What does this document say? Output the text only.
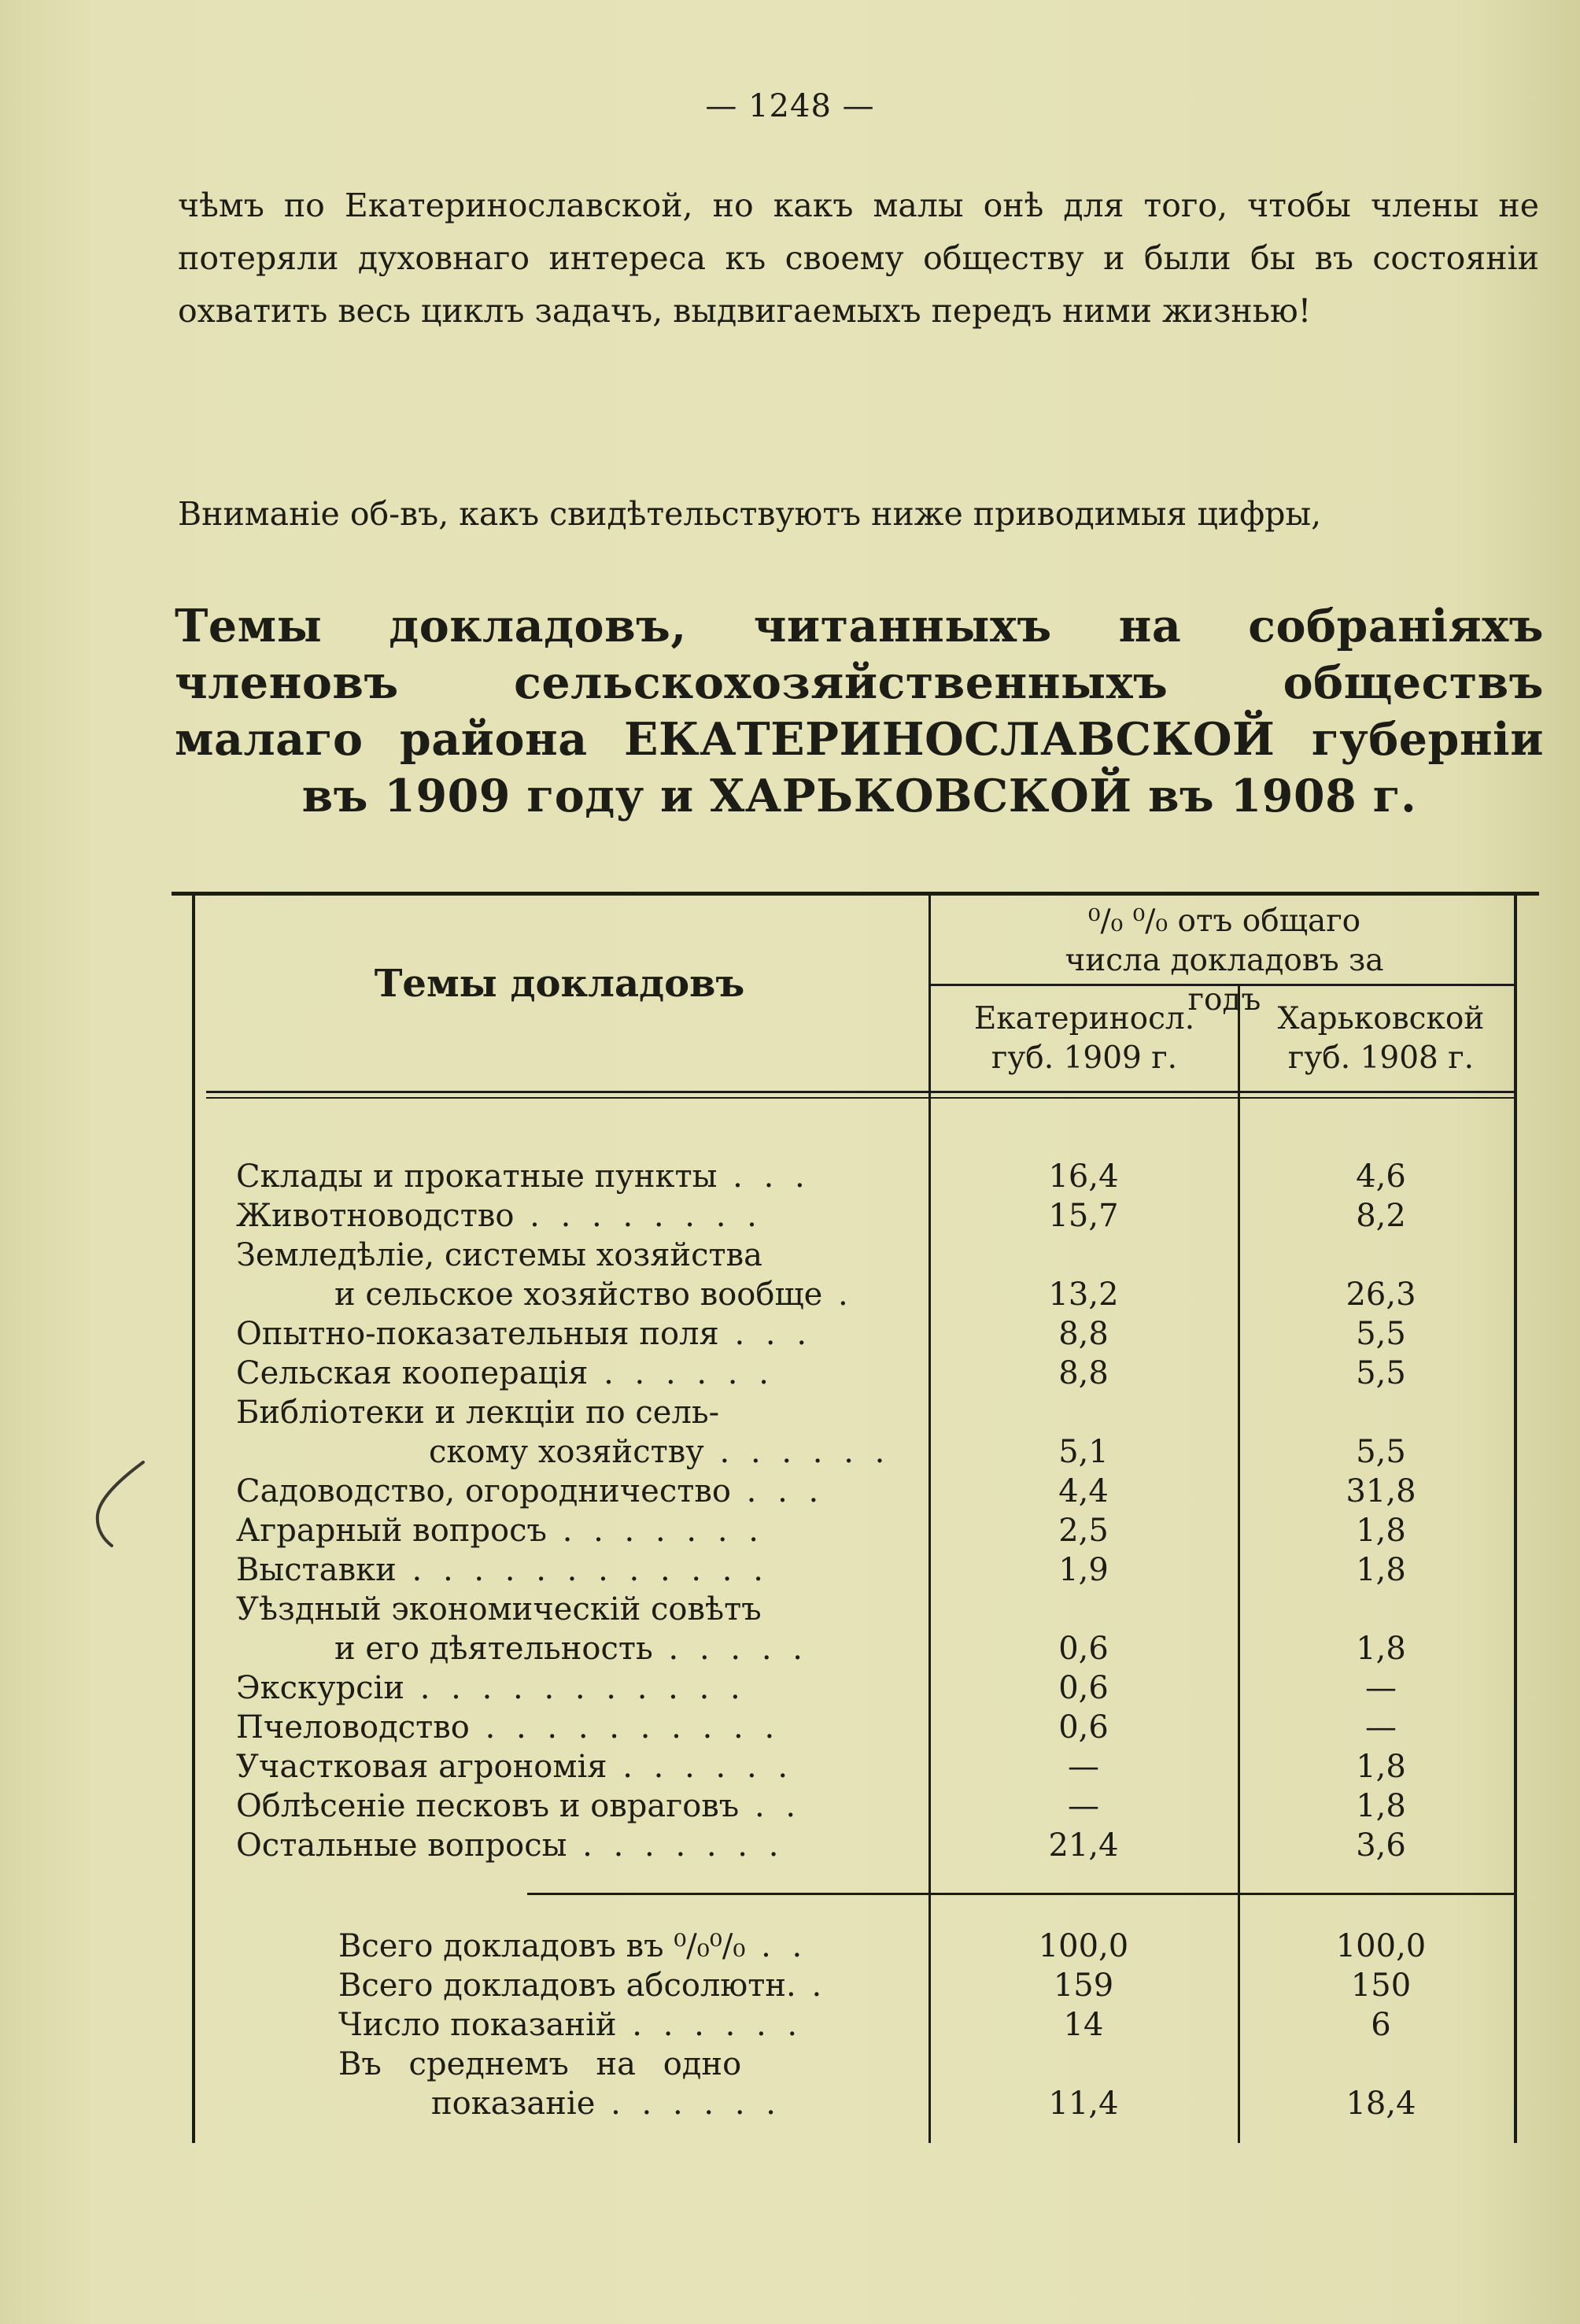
— 1248 —

чѣмъ по Екатеринославской, но какъ малы онѣ для того, чтобы члены не потеряли духовнаго интереса къ своему обществу и были бы въ состояніи охватить весь циклъ задачъ, выдвигаемыхъ передъ ними жизнью!

Вниманіе об-въ, какъ свидѣтельствуютъ ниже приводимыя цифры,

Темы докладовъ, читанныхъ на собраніяхъ членовъ сельскохозяйственныхъ обществъ малаго района ЕКАТЕРИНОСЛАВСКОЙ губерніи въ 1909 году и ХАРЬКОВСКОЙ въ 1908 г.

Темы докладовъ
⁰/₀ ⁰/₀ отъ общаго числа докладовъ за годъ
Екатериносл. губ. 1909 г.
Харьковской губ. 1908 г.
Склады и прокатные пункты . . .	16,4	4,6
Животноводство . . . . . . . .	15,7	8,2
Земледѣліе, системы хозяйства
и сельское хозяйство вообще .	13,2	26,3
Опытно-показательныя поля . . .	8,8	5,5
Сельская кооперація . . . . . .	8,8	5,5
Библіотеки и лекціи по сель-
скому хозяйству . . . . . .	5,1	5,5
Садоводство, огородничество . . .	4,4	31,8
Аграрный вопросъ . . . . . . .	2,5	1,8
Выставки . . . . . . . . . . . .	1,9	1,8
Уѣздный экономическій совѣтъ
и его дѣятельность . . . . .	0,6	1,8
Экскурсіи . . . . . . . . . . .	0,6	—
Пчеловодство . . . . . . . . . .	0,6	—
Участковая агрономія . . . . . .	—	1,8
Облѣсеніе песковъ и овраговъ . .	—	1,8
Остальные вопросы . . . . . . .	21,4	3,6
Всего докладовъ въ ⁰/₀⁰/₀ . .	100,0	100,0
Всего докладовъ абсолютн. .	159	150
Число показаній . . . . . .	14	6
Въ среднемъ на одно
показаніе . . . . . .	11,4	18,4
